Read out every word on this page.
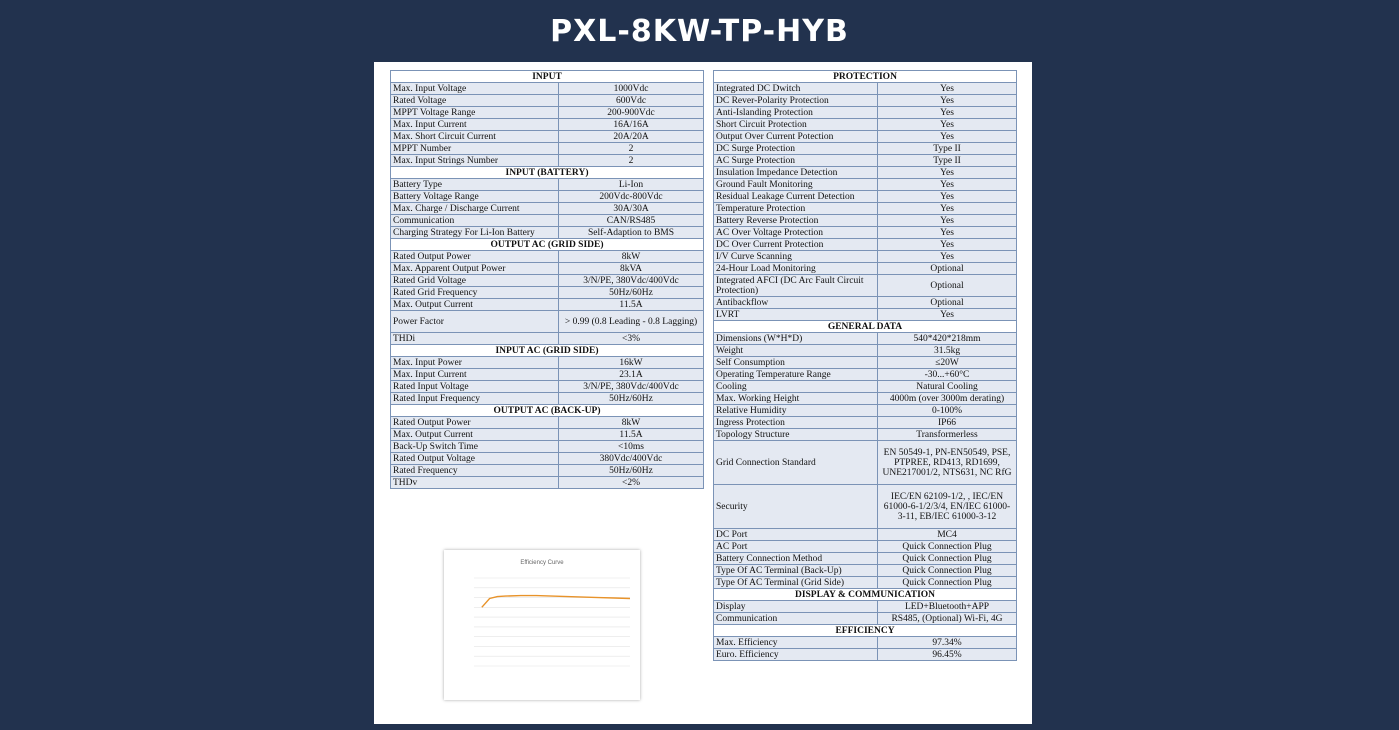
PXL-8KW-TP-HYB
INPUT	
Max. Input Voltage	1000Vdc
Rated Voltage	600Vdc
MPPT Voltage Range	200-900Vdc
Max. Input Current	16A/16A
Max. Short Circuit Current	20A/20A
MPPT Number	2
Max. Input Strings Number	2
INPUT (BATTERY)	
Battery Type	Li-Ion
Battery Voltage Range	200Vdc-800Vdc
Max. Charge / Discharge Current	30A/30A
Communication	CAN/RS485
Charging Strategy For Li-Ion Battery	Self-Adaption to BMS
OUTPUT AC (GRID SIDE)	
Rated Output Power	8kW
Max. Apparent Output Power	8kVA
Rated Grid Voltage	3/N/PE, 380Vdc/400Vdc
Rated Grid Frequency	50Hz/60Hz
Max. Output Current	11.5A
Power Factor	> 0.99 (0.8 Leading - 0.8 Lagging)
THDi	<3%
INPUT AC (GRID SIDE)	
Max. Input Power	16kW
Max. Input Current	23.1A
Rated Input Voltage	3/N/PE, 380Vdc/400Vdc
Rated Input Frequency	50Hz/60Hz
OUTPUT AC (BACK-UP)	
Rated Output Power	8kW
Max. Output Current	11.5A
Back-Up Switch Time	<10ms
Rated Output Voltage	380Vdc/400Vdc
Rated Frequency	50Hz/60Hz
THDv	<2%
PROTECTION	
Integrated DC Dwitch	Yes
DC Rever-Polarity Protection	Yes
Anti-Islanding Protection	Yes
Short Circuit Protection	Yes
Output Over Current Potection	Yes
DC Surge Protection	Type II
AC Surge Protection	Type II
Insulation Impedance Detection	Yes
Ground Fault Monitoring	Yes
Residual Leakage Current Detection	Yes
Temperature Protection	Yes
Battery Reverse Protection	Yes
AC Over Voltage Protection	Yes
DC Over Current Protection	Yes
I/V Curve Scanning	Yes
24-Hour Load Monitoring	Optional
Integrated AFCI (DC Arc Fault Circuit Protection)	Optional
Antibackflow	Optional
LVRT	Yes
GENERAL DATA	
Dimensions (W*H*D)	540*420*218mm
Weight	31.5kg
Self Consumption	≤20W
Operating Temperature Range	-30...+60°C
Cooling	Natural Cooling
Max. Working Height	4000m (over 3000m derating)
Relative Humidity	0-100%
Ingress Protection	IP66
Topology Structure	Transformerless
Grid Connection Standard	EN 50549-1, PN-EN50549, PSE, PTPREE, RD413, RD1699, UNE217001/2, NTS631, NC RfG
Security	IEC/EN 62109-1/2, , IEC/EN 61000-6-1/2/3/4, EN/IEC 61000-3-11, EB/IEC 61000-3-12
DC Port	MC4
AC Port	Quick Connection Plug
Battery Connection Method	Quick Connection Plug
Type Of AC Terminal (Back-Up)	Quick Connection Plug
Type Of AC Terminal (Grid Side)	Quick Connection Plug
DISPLAY & COMMUNICATION	
Display	LED+Bluetooth+APP
Communication	RS485, (Optional) Wi-Fi, 4G
EFFICIENCY	
Max. Efficiency	97.34%
Euro. Efficiency	96.45%
Efficiency Curve
